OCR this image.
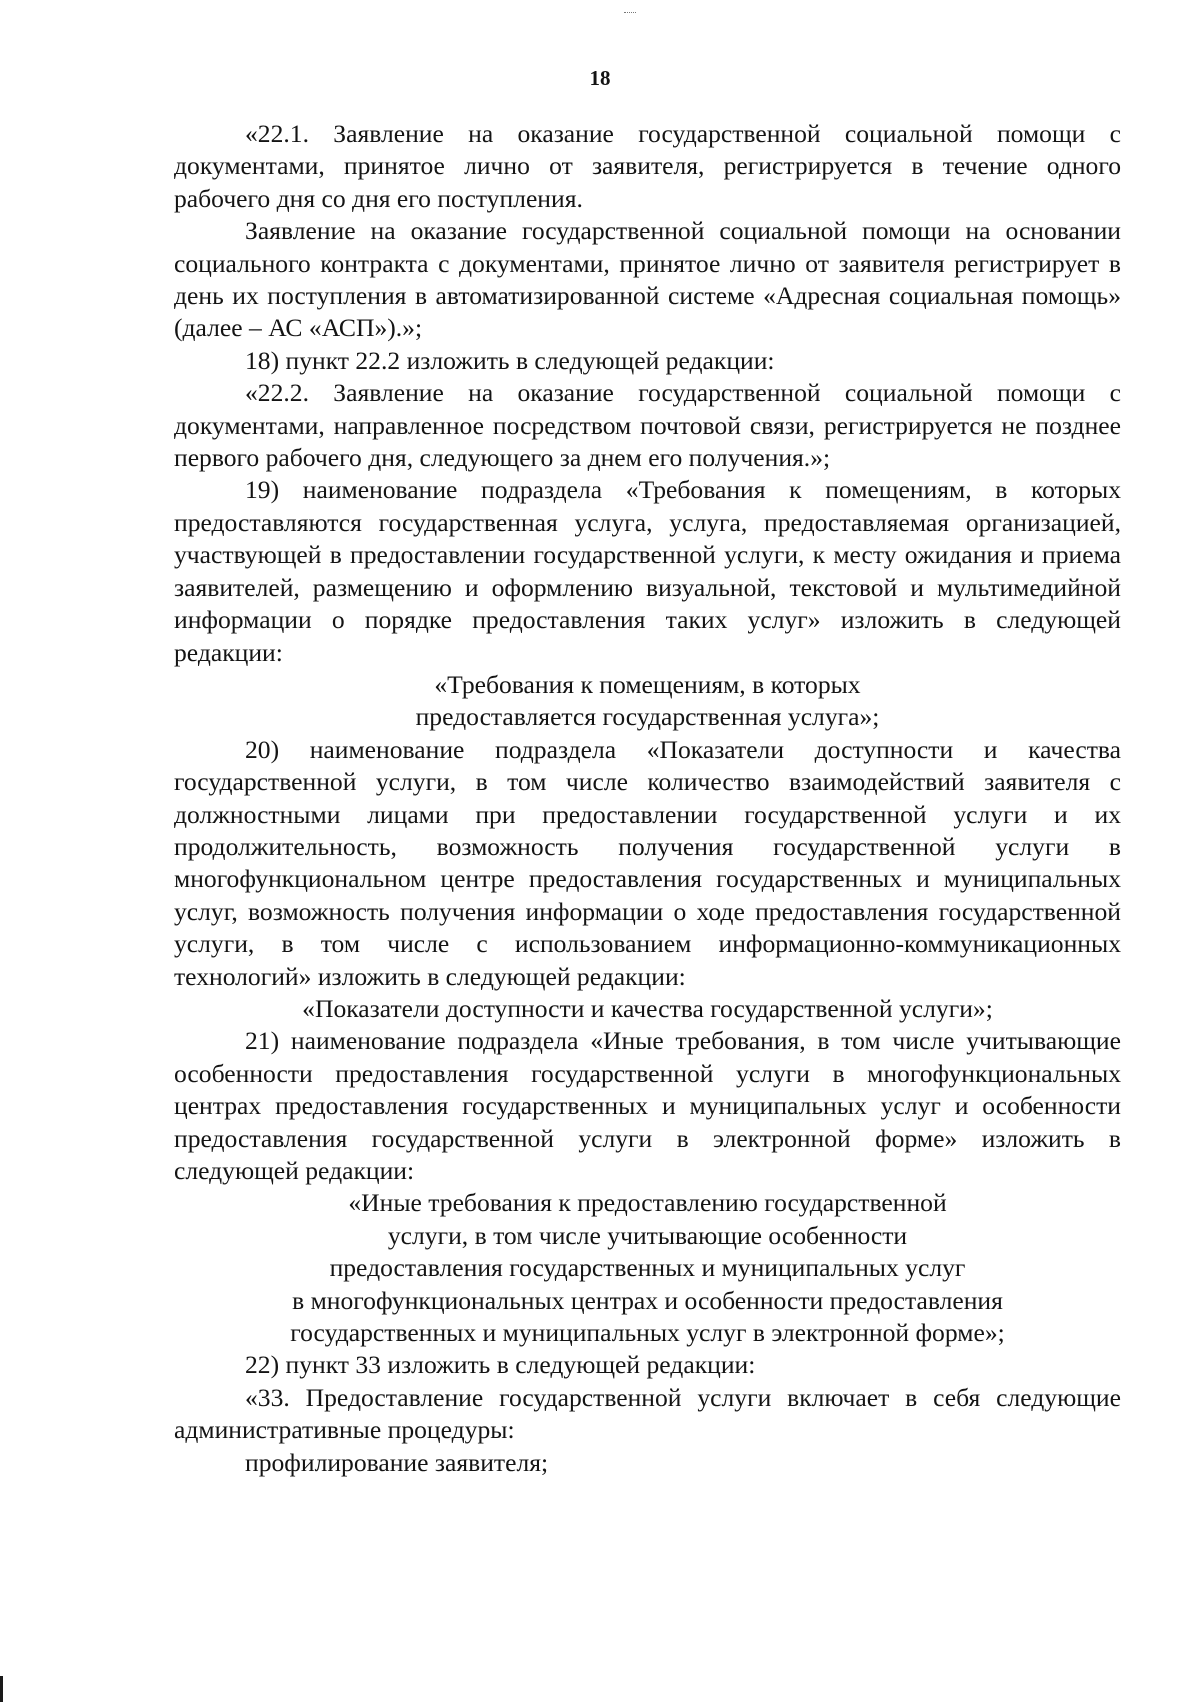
18

«22.1. Заявление на оказание государственной социальной помощи с документами, принятое лично от заявителя, регистрируется в течение одного рабочего дня со дня его поступления.

Заявление на оказание государственной социальной помощи на основании социального контракта с документами, принятое лично от заявителя регистрирует в день их поступления в автоматизированной системе «Адресная социальная помощь» (далее – АС «АСП»).»;

18) пункт 22.2 изложить в следующей редакции:

«22.2. Заявление на оказание государственной социальной помощи с документами, направленное посредством почтовой связи, регистрируется не позднее первого рабочего дня, следующего за днем его получения.»;

19) наименование подраздела «Требования к помещениям, в которых предоставляются государственная услуга, услуга, предоставляемая организацией, участвующей в предоставлении государственной услуги, к месту ожидания и приема заявителей, размещению и оформлению визуальной, текстовой и мультимедийной информации о порядке предоставления таких услуг» изложить в следующей редакции:

«Требования к помещениям, в которых

предоставляется государственная услуга»;

20) наименование подраздела «Показатели доступности и качества государственной услуги, в том числе количество взаимодействий заявителя с должностными лицами при предоставлении государственной услуги и их продолжительность, возможность получения государственной услуги в многофункциональном центре предоставления государственных и муниципальных услуг, возможность получения информации о ходе предоставления государственной услуги, в том числе с использованием информационно-коммуникационных технологий» изложить в следующей редакции:

«Показатели доступности и качества государственной услуги»;

21) наименование подраздела «Иные требования, в том числе учитывающие особенности предоставления государственной услуги в многофункциональных центрах предоставления государственных и муниципальных услуг и особенности предоставления государственной услуги в электронной форме» изложить в следующей редакции:

«Иные требования к предоставлению государственной

услуги, в том числе учитывающие особенности

предоставления государственных и муниципальных услуг

в многофункциональных центрах и особенности предоставления

государственных и муниципальных услуг в электронной форме»;

22) пункт 33 изложить в следующей редакции:

«33. Предоставление государственной услуги включает в себя следующие административные процедуры:

профилирование заявителя;
